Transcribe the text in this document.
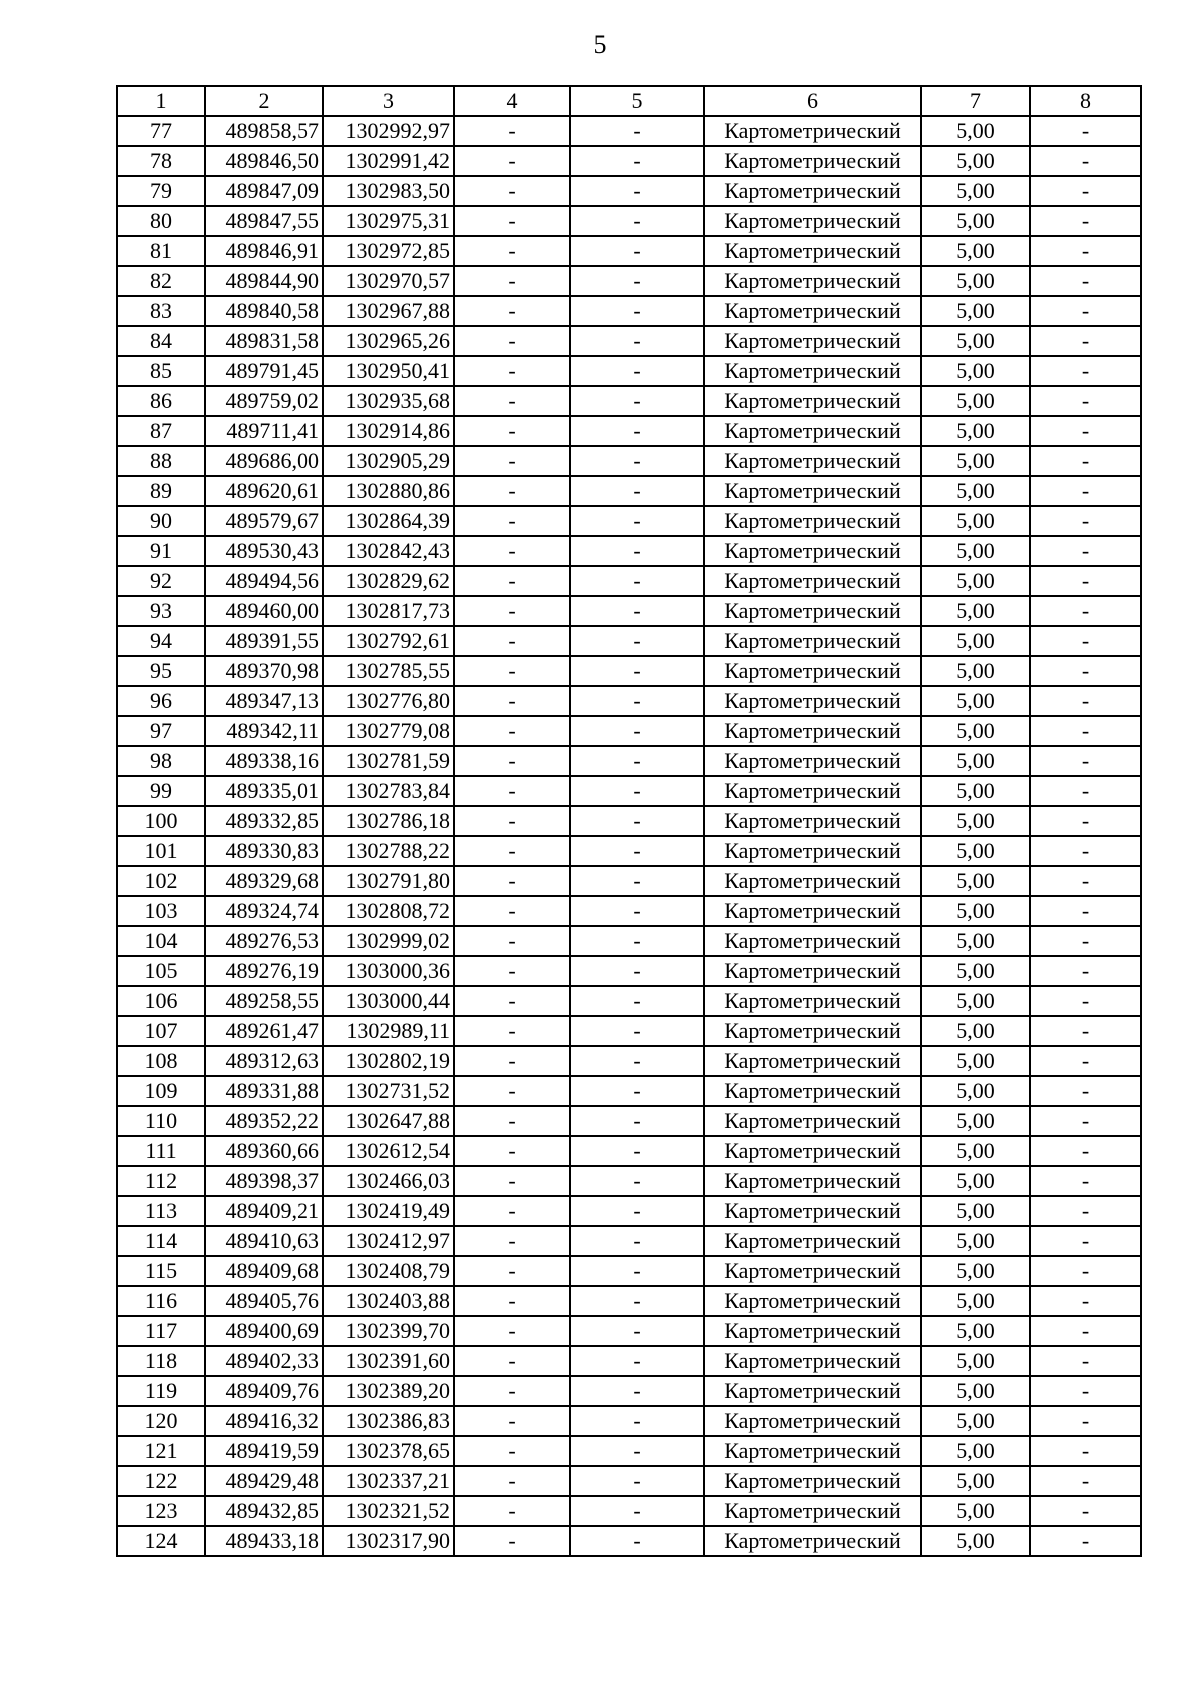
5
1	2	3	4	5	6	7	8
77	489858,57	1302992,97	-	-	Картометрический	5,00	-
78	489846,50	1302991,42	-	-	Картометрический	5,00	-
79	489847,09	1302983,50	-	-	Картометрический	5,00	-
80	489847,55	1302975,31	-	-	Картометрический	5,00	-
81	489846,91	1302972,85	-	-	Картометрический	5,00	-
82	489844,90	1302970,57	-	-	Картометрический	5,00	-
83	489840,58	1302967,88	-	-	Картометрический	5,00	-
84	489831,58	1302965,26	-	-	Картометрический	5,00	-
85	489791,45	1302950,41	-	-	Картометрический	5,00	-
86	489759,02	1302935,68	-	-	Картометрический	5,00	-
87	489711,41	1302914,86	-	-	Картометрический	5,00	-
88	489686,00	1302905,29	-	-	Картометрический	5,00	-
89	489620,61	1302880,86	-	-	Картометрический	5,00	-
90	489579,67	1302864,39	-	-	Картометрический	5,00	-
91	489530,43	1302842,43	-	-	Картометрический	5,00	-
92	489494,56	1302829,62	-	-	Картометрический	5,00	-
93	489460,00	1302817,73	-	-	Картометрический	5,00	-
94	489391,55	1302792,61	-	-	Картометрический	5,00	-
95	489370,98	1302785,55	-	-	Картометрический	5,00	-
96	489347,13	1302776,80	-	-	Картометрический	5,00	-
97	489342,11	1302779,08	-	-	Картометрический	5,00	-
98	489338,16	1302781,59	-	-	Картометрический	5,00	-
99	489335,01	1302783,84	-	-	Картометрический	5,00	-
100	489332,85	1302786,18	-	-	Картометрический	5,00	-
101	489330,83	1302788,22	-	-	Картометрический	5,00	-
102	489329,68	1302791,80	-	-	Картометрический	5,00	-
103	489324,74	1302808,72	-	-	Картометрический	5,00	-
104	489276,53	1302999,02	-	-	Картометрический	5,00	-
105	489276,19	1303000,36	-	-	Картометрический	5,00	-
106	489258,55	1303000,44	-	-	Картометрический	5,00	-
107	489261,47	1302989,11	-	-	Картометрический	5,00	-
108	489312,63	1302802,19	-	-	Картометрический	5,00	-
109	489331,88	1302731,52	-	-	Картометрический	5,00	-
110	489352,22	1302647,88	-	-	Картометрический	5,00	-
111	489360,66	1302612,54	-	-	Картометрический	5,00	-
112	489398,37	1302466,03	-	-	Картометрический	5,00	-
113	489409,21	1302419,49	-	-	Картометрический	5,00	-
114	489410,63	1302412,97	-	-	Картометрический	5,00	-
115	489409,68	1302408,79	-	-	Картометрический	5,00	-
116	489405,76	1302403,88	-	-	Картометрический	5,00	-
117	489400,69	1302399,70	-	-	Картометрический	5,00	-
118	489402,33	1302391,60	-	-	Картометрический	5,00	-
119	489409,76	1302389,20	-	-	Картометрический	5,00	-
120	489416,32	1302386,83	-	-	Картометрический	5,00	-
121	489419,59	1302378,65	-	-	Картометрический	5,00	-
122	489429,48	1302337,21	-	-	Картометрический	5,00	-
123	489432,85	1302321,52	-	-	Картометрический	5,00	-
124	489433,18	1302317,90	-	-	Картометрический	5,00	-
